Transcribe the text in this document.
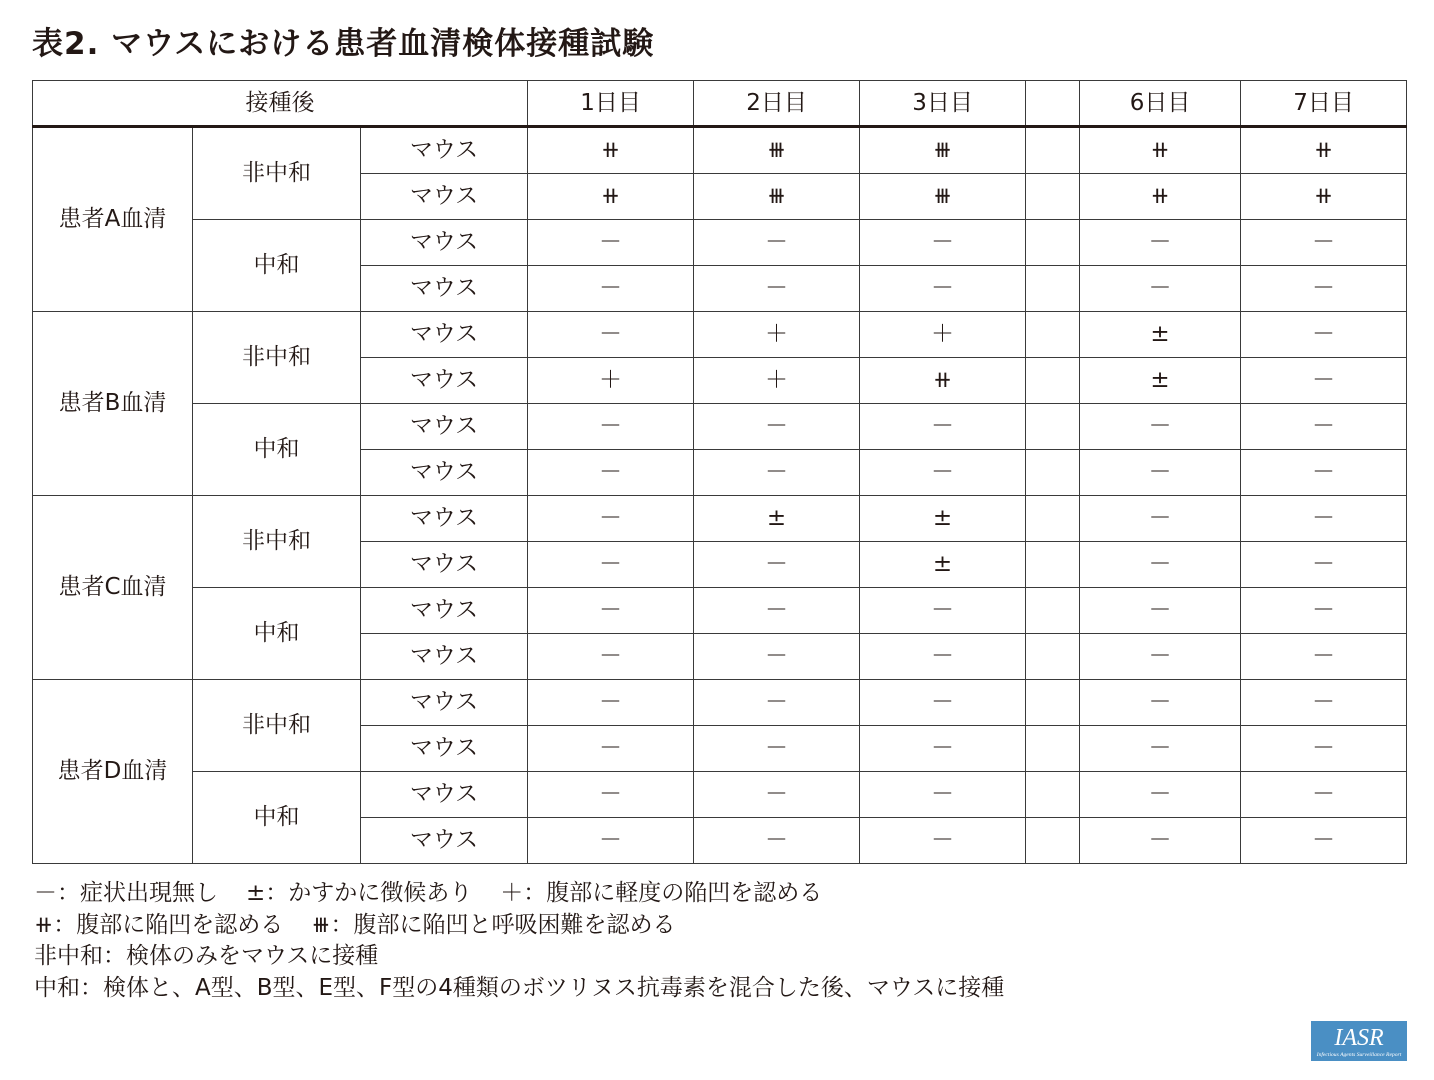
表2. マウスにおける患者血清検体接種試験
接種後			1日目	2日目	3日目		6日目	7日目
患者A血清	非中和	マウス	⧺	⧻	⧻		⧺	⧺
		マウス	⧺	⧻	⧻		⧺	⧺
	中和	マウス	－	－	－		－	－
		マウス	－	－	－		－	－
患者B血清	非中和	マウス	－	＋	＋		±	－
		マウス	＋	＋	⧺		±	－
	中和	マウス	－	－	－		－	－
		マウス	－	－	－		－	－
患者C血清	非中和	マウス	－	±	±		－	－
		マウス	－	－	±		－	－
	中和	マウス	－	－	－		－	－
		マウス	－	－	－		－	－
患者D血清	非中和	マウス	－	－	－		－	－
		マウス	－	－	－		－	－
	中和	マウス	－	－	－		－	－
		マウス	－	－	－		－	－
－：症状出現無し ±：かすかに徴候あり ＋：腹部に軽度の陥凹を認める
⧺：腹部に陥凹を認める ⧻：腹部に陥凹と呼吸困難を認める
非中和：検体のみをマウスに接種
中和：検体と、A型、B型、E型、F型の4種類のボツリヌス抗毒素を混合した後、マウスに接種
IASR
Infectious Agents Surveillance Report
